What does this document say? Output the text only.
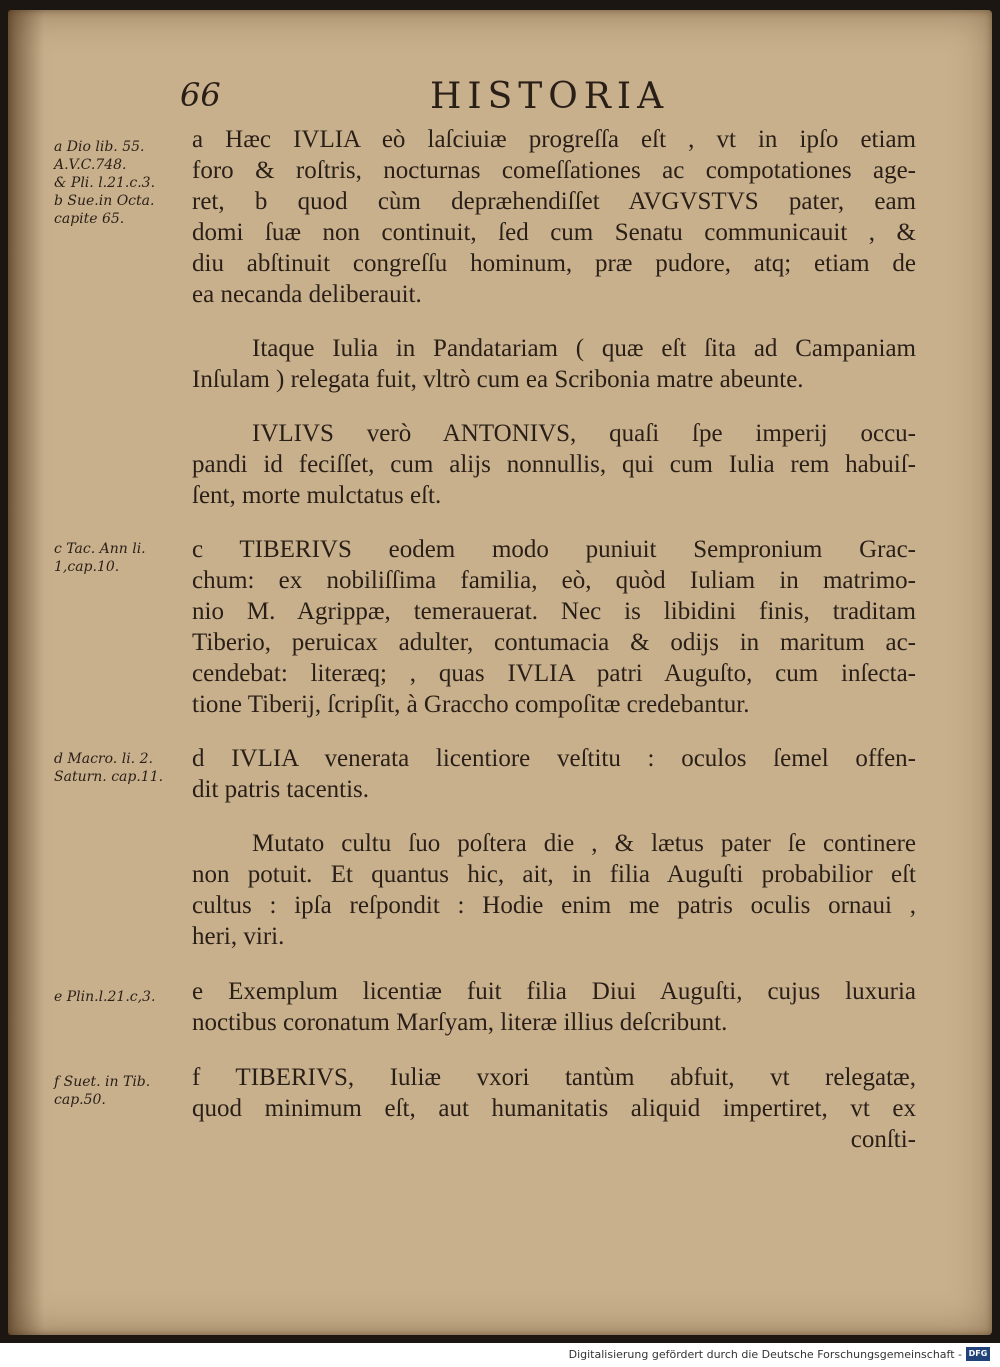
66	HISTORIA
a Dio lib. 55.
A.V.C.748.
& Pli. l.21.c.3.
b Sue.in Octa.
capite 65.
c Tac. Ann li.
1,cap.10.
d Macro. li. 2.
Saturn. cap.11.
e Plin.l.21.c,3.
f Suet. in Tib.
cap.50.
a Hæc IVLIA eò laſciuiæ progreſſa eſt , vt in ipſo etiam
foro & roſtris, nocturnas comeſſationes ac compotationes age-
ret, b quod cùm depræhendiſſet AVGVSTVS pater, eam
domi ſuæ non continuit, ſed cum Senatu communicauit , &
diu abſtinuit congreſſu hominum, præ pudore, atq; etiam de
ea necanda deliberauit.
Itaque Iulia in Pandatariam ( quæ eſt ſita ad Campaniam
Inſulam ) relegata fuit, vltrò cum ea Scribonia matre abeunte.
IVLIVS verò ANTONIVS, quaſi ſpe imperij occu-
pandi id feciſſet, cum alijs nonnullis, qui cum Iulia rem habuiſ-
ſent, morte mulctatus eſt.
c TIBERIVS eodem modo puniuit Sempronium Grac-
chum: ex nobiliſſima familia, eò, quòd Iuliam in matrimo-
nio M. Agrippæ, temerauerat. Nec is libidini finis, traditam
Tiberio, peruicax adulter, contumacia & odijs in maritum ac-
cendebat: literæq; , quas IVLIA patri Auguſto, cum inſecta-
tione Tiberij, ſcripſit, à Graccho compoſitæ credebantur.
d IVLIA venerata licentiore veſtitu : oculos ſemel offen-
dit patris tacentis.
Mutato cultu ſuo poſtera die , & lætus pater ſe continere
non potuit. Et quantus hic, ait, in filia Auguſti probabilior eſt
cultus : ipſa reſpondit : Hodie enim me patris oculis ornaui ,
heri, viri.
e Exemplum licentiæ fuit filia Diui Auguſti, cujus luxuria
noctibus coronatum Marſyam, literæ illius deſcribunt.
f TIBERIVS, Iuliæ vxori tantùm abfuit, vt relegatæ,
quod minimum eſt, aut humanitatis aliquid impertiret, vt ex
conſti-
Digitalisierung gefördert durch die Deutsche Forschungsgemeinschaft - DFG
